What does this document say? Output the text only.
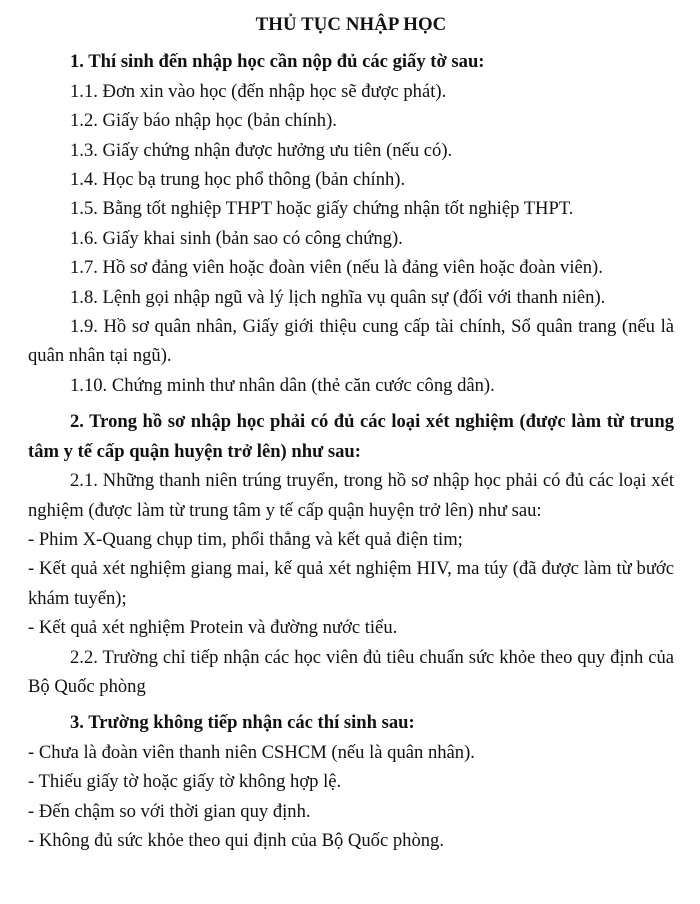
THỦ TỤC NHẬP HỌC

1. Thí sinh đến nhập học cần nộp đủ các giấy tờ sau:

1.1. Đơn xin vào học (đến nhập học sẽ được phát).

1.2. Giấy báo nhập học (bản chính).

1.3. Giấy chứng nhận được hưởng ưu tiên (nếu có).

1.4. Học bạ trung học phổ thông (bản chính).

1.5. Bằng tốt nghiệp THPT hoặc giấy chứng nhận tốt nghiệp THPT.

1.6. Giấy khai sinh (bản sao có công chứng).

1.7. Hồ sơ đảng viên hoặc đoàn viên (nếu là đảng viên hoặc đoàn viên).

1.8. Lệnh gọi nhập ngũ và lý lịch nghĩa vụ quân sự (đối với thanh niên).

1.9. Hồ sơ quân nhân, Giấy giới thiệu cung cấp tài chính, Sổ quân trang (nếu là quân nhân tại ngũ).

1.10. Chứng minh thư nhân dân (thẻ căn cước công dân).

2. Trong hồ sơ nhập học phải có đủ các loại xét nghiệm (được làm từ trung tâm y tế cấp quận huyện trở lên) như sau:

2.1. Những thanh niên trúng truyển, trong hồ sơ nhập học phải có đủ các loại xét nghiệm (được làm từ trung tâm y tế cấp quận huyện trở lên) như sau:

- Phim X-Quang chụp tim, phổi thẳng và kết quả điện tim;

- Kết quả xét nghiệm giang mai, kế quả xét nghiệm HIV, ma túy (đã được làm từ bước khám tuyển);

- Kết quả xét nghiệm Protein và đường nước tiểu.

2.2. Trường chỉ tiếp nhận các học viên đủ tiêu chuẩn sức khỏe theo quy định của Bộ Quốc phòng

3. Trường không tiếp nhận các thí sinh sau:

- Chưa là đoàn viên thanh niên CSHCM (nếu là quân nhân).

- Thiếu giấy tờ hoặc giấy tờ không hợp lệ.

- Đến chậm so với thời gian quy định.

- Không đủ sức khỏe theo qui định của Bộ Quốc phòng.
